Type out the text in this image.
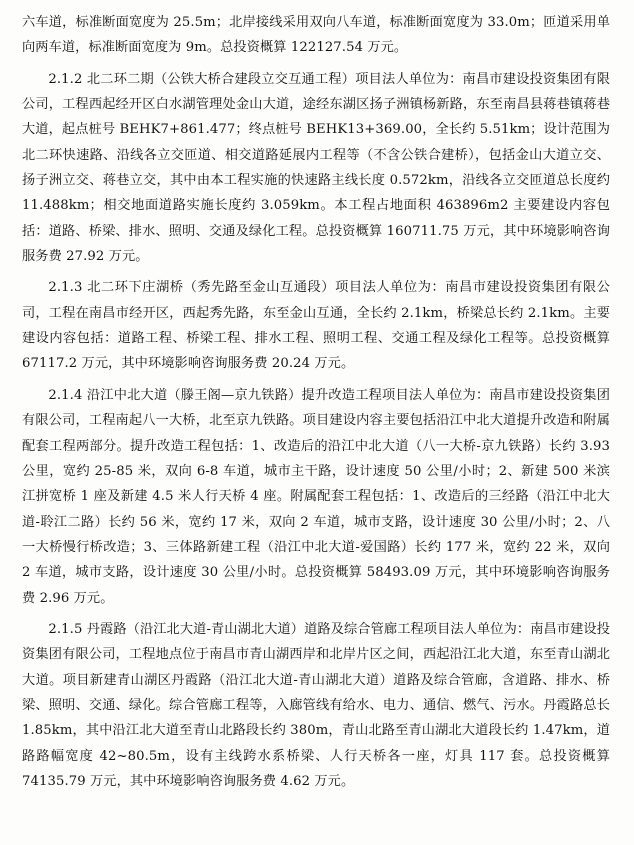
六车道，标准断面宽度为 25.5m；北岸接线采用双向八车道，标准断面宽度为 33.0m；匝道采用单向两车道，标准断面宽度为 9m。总投资概算 122127.54 万元。

2.1.2 北二环二期（公铁大桥合建段立交互通工程）项目法人单位为：南昌市建设投资集团有限公司，工程西起经开区白水湖管理处金山大道，途经东湖区扬子洲镇杨新路，东至南昌县蒋巷镇蒋巷大道，起点桩号 BEHK7+861.477；终点桩号 BEHK13+369.00，全长约 5.51km；设计范围为北二环快速路、沿线各立交匝道、相交道路延展内工程等（不含公铁合建桥），包括金山大道立交、扬子洲立交、蒋巷立交，其中由本工程实施的快速路主线长度 0.572km，沿线各立交匝道总长度约 11.488km；相交地面道路实施长度约 3.059km。本工程占地面积 463896m2 主要建设内容包括：道路、桥梁、排水、照明、交通及绿化工程。总投资概算 160711.75 万元，其中环境影响咨询服务费 27.92 万元。

2.1.3 北二环下庄湖桥（秀先路至金山互通段）项目法人单位为：南昌市建设投资集团有限公司，工程在南昌市经开区，西起秀先路，东至金山互通，全长约 2.1km，桥梁总长约 2.1km。主要建设内容包括：道路工程、桥梁工程、排水工程、照明工程、交通工程及绿化工程等。总投资概算 67117.2 万元，其中环境影响咨询服务费 20.24 万元。

2.1.4 沿江中北大道（滕王阁—京九铁路）提升改造工程项目法人单位为：南昌市建设投资集团有限公司，工程南起八一大桥，北至京九铁路。项目建设内容主要包括沿江中北大道提升改造和附属配套工程两部分。提升改造工程包括：1、改造后的沿江中北大道（八一大桥-京九铁路）长约 3.93 公里，宽约 25-85 米，双向 6-8 车道，城市主干路，设计速度 50 公里/小时；2、新建 500 米滨江拼宽桥 1 座及新建 4.5 米人行天桥 4 座。附属配套工程包括：1、改造后的三经路（沿江中北大道-聆江二路）长约 56 米，宽约 17 米，双向 2 车道，城市支路，设计速度 30 公里/小时；2、八一大桥慢行桥改造；3、三体路新建工程（沿江中北大道-爱国路）长约 177 米，宽约 22 米，双向 2 车道，城市支路，设计速度 30 公里/小时。总投资概算 58493.09 万元，其中环境影响咨询服务费 2.96 万元。

2.1.5 丹霞路（沿江北大道-青山湖北大道）道路及综合管廊工程项目法人单位为：南昌市建设投资集团有限公司，工程地点位于南昌市青山湖西岸和北岸片区之间，西起沿江北大道，东至青山湖北大道。项目新建青山湖区丹霞路（沿江北大道-青山湖北大道）道路及综合管廊，含道路、排水、桥梁、照明、交通、绿化。综合管廊工程等，入廊管线有给水、电力、通信、燃气、污水。丹霞路总长 1.85km，其中沿江北大道至青山北路段长约 380m，青山北路至青山湖北大道段长约 1.47km，道路路幅宽度 42~80.5m，设有主线跨水系桥梁、人行天桥各一座，灯具 117 套。总投资概算 74135.79 万元，其中环境影响咨询服务费 4.62 万元。
